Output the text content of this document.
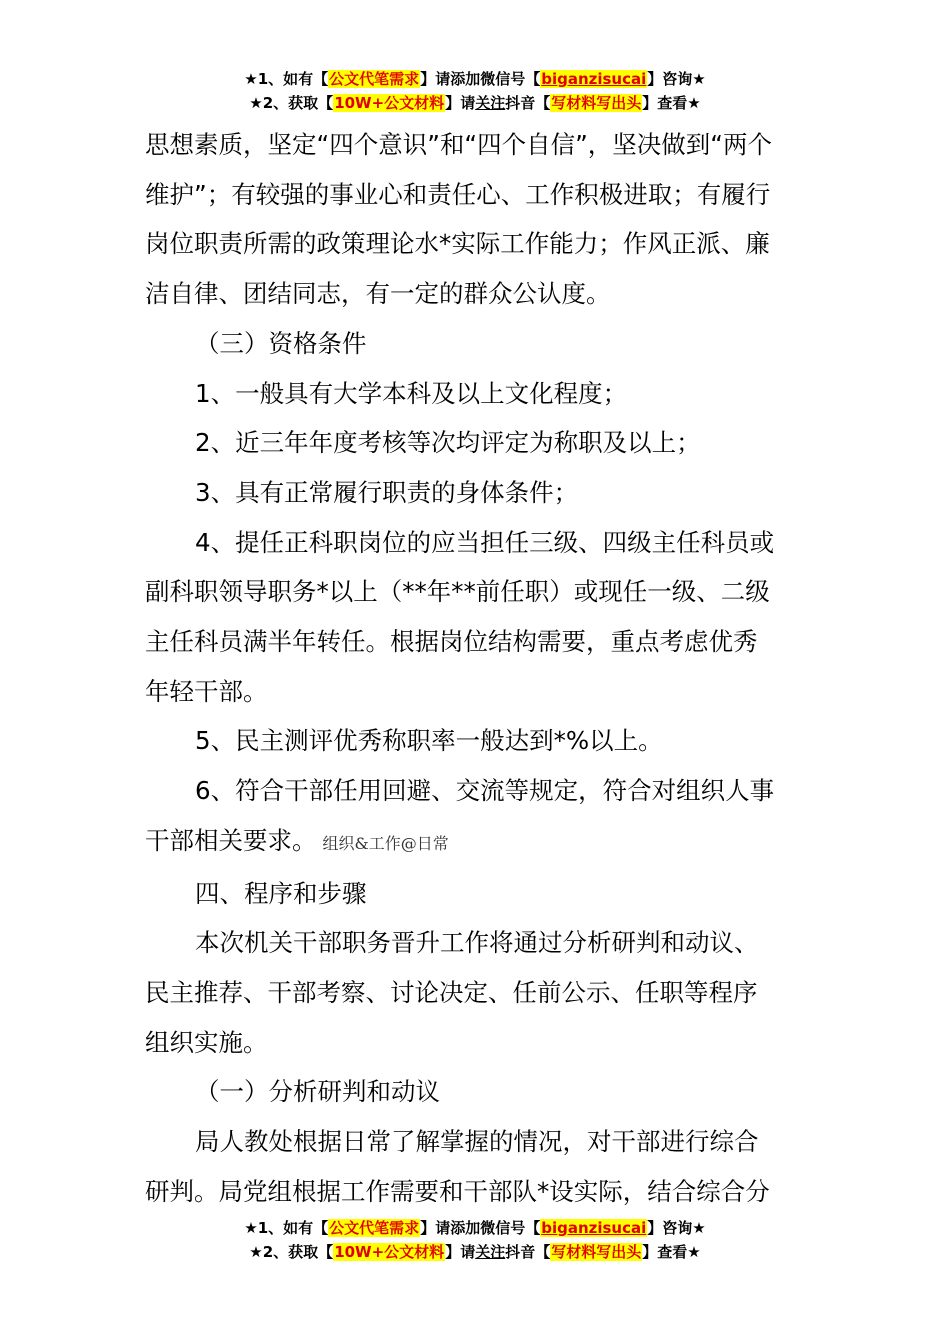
★1、如有【公文代笔需求】请添加微信号【biganzisucai】咨询★
★2、获取【10W+公文材料】请关注抖音【写材料写出头】查看★
思想素质，坚定“四个意识”和“四个自信”，坚决做到“两个
维护”；有较强的事业心和责任心、工作积极进取；有履行
岗位职责所需的政策理论水*实际工作能力；作风正派、廉
洁自律、团结同志，有一定的群众公认度。
（三）资格条件
1、一般具有大学本科及以上文化程度；
2、近三年年度考核等次均评定为称职及以上；
3、具有正常履行职责的身体条件；
4、提任正科职岗位的应当担任三级、四级主任科员或
副科职领导职务*以上（**年**前任职）或现任一级、二级
主任科员满半年转任。根据岗位结构需要，重点考虑优秀
年轻干部。
5、民主测评优秀称职率一般达到*%以上。
6、符合干部任用回避、交流等规定，符合对组织人事
干部相关要求。 组织&工作@日常
四、程序和步骤
本次机关干部职务晋升工作将通过分析研判和动议、
民主推荐、干部考察、讨论决定、任前公示、任职等程序
组织实施。
（一）分析研判和动议
局人教处根据日常了解掌握的情况，对干部进行综合
研判。局党组根据工作需要和干部队*设实际，结合综合分
★1、如有【公文代笔需求】请添加微信号【biganzisucai】咨询★
★2、获取【10W+公文材料】请关注抖音【写材料写出头】查看★
